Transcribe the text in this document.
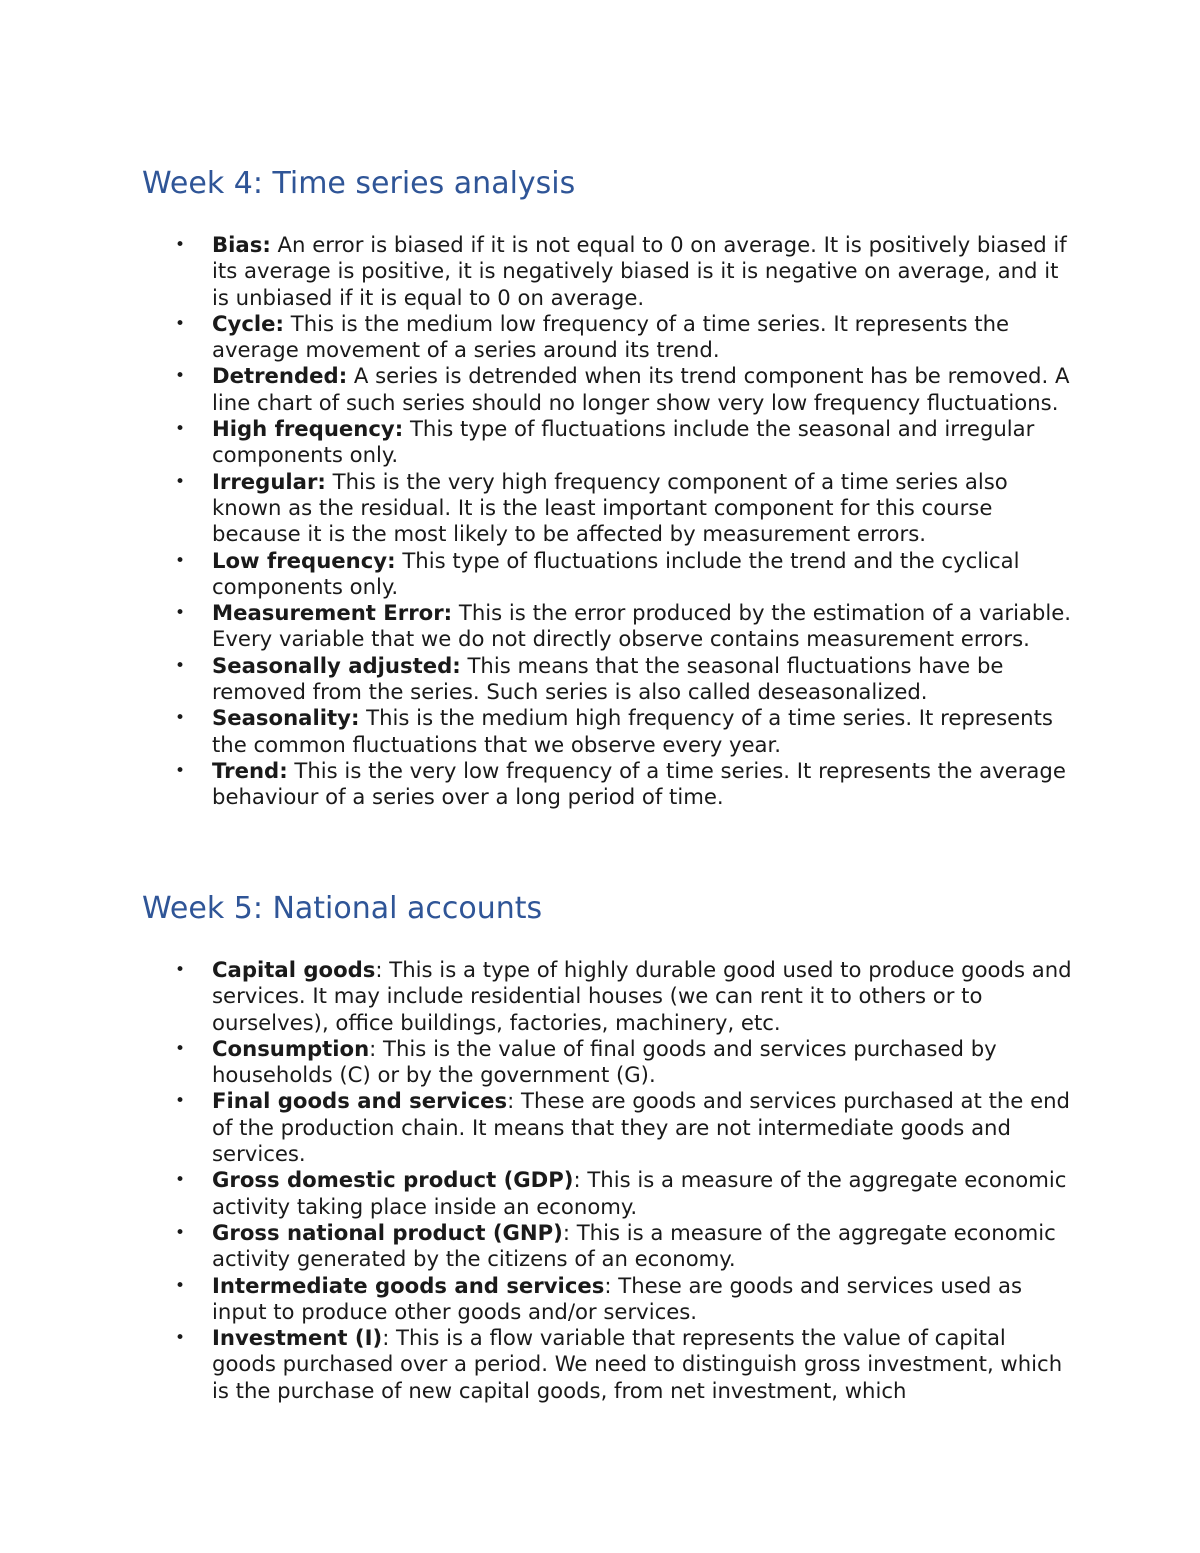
Week 4: Time series analysis
• Bias: An error is biased if it is not equal to 0 on average. It is positively biased if its average is positive, it is negatively biased is it is negative on average, and it is unbiased if it is equal to 0 on average.
• Cycle: This is the medium low frequency of a time series. It represents the average movement of a series around its trend.
• Detrended: A series is detrended when its trend component has be removed. A line chart of such series should no longer show very low frequency fluctuations.
• High frequency: This type of fluctuations include the seasonal and irregular components only.
• Irregular: This is the very high frequency component of a time series also known as the residual. It is the least important component for this course because it is the most likely to be affected by measurement errors.
• Low frequency: This type of fluctuations include the trend and the cyclical components only.
• Measurement Error: This is the error produced by the estimation of a variable. Every variable that we do not directly observe contains measurement errors.
• Seasonally adjusted: This means that the seasonal fluctuations have be removed from the series. Such series is also called deseasonalized.
• Seasonality: This is the medium high frequency of a time series. It represents the common fluctuations that we observe every year.
• Trend: This is the very low frequency of a time series. It represents the average behaviour of a series over a long period of time.
Week 5: National accounts
• Capital goods: This is a type of highly durable good used to produce goods and services. It may include residential houses (we can rent it to others or to ourselves), office buildings, factories, machinery, etc.
• Consumption: This is the value of final goods and services purchased by households (C) or by the government (G).
• Final goods and services: These are goods and services purchased at the end of the production chain. It means that they are not intermediate goods and services.
• Gross domestic product (GDP): This is a measure of the aggregate economic activity taking place inside an economy.
• Gross national product (GNP): This is a measure of the aggregate economic activity generated by the citizens of an economy.
• Intermediate goods and services: These are goods and services used as input to produce other goods and/or services.
• Investment (I): This is a flow variable that represents the value of capital goods purchased over a period. We need to distinguish gross investment, which is the purchase of new capital goods, from net investment, which
